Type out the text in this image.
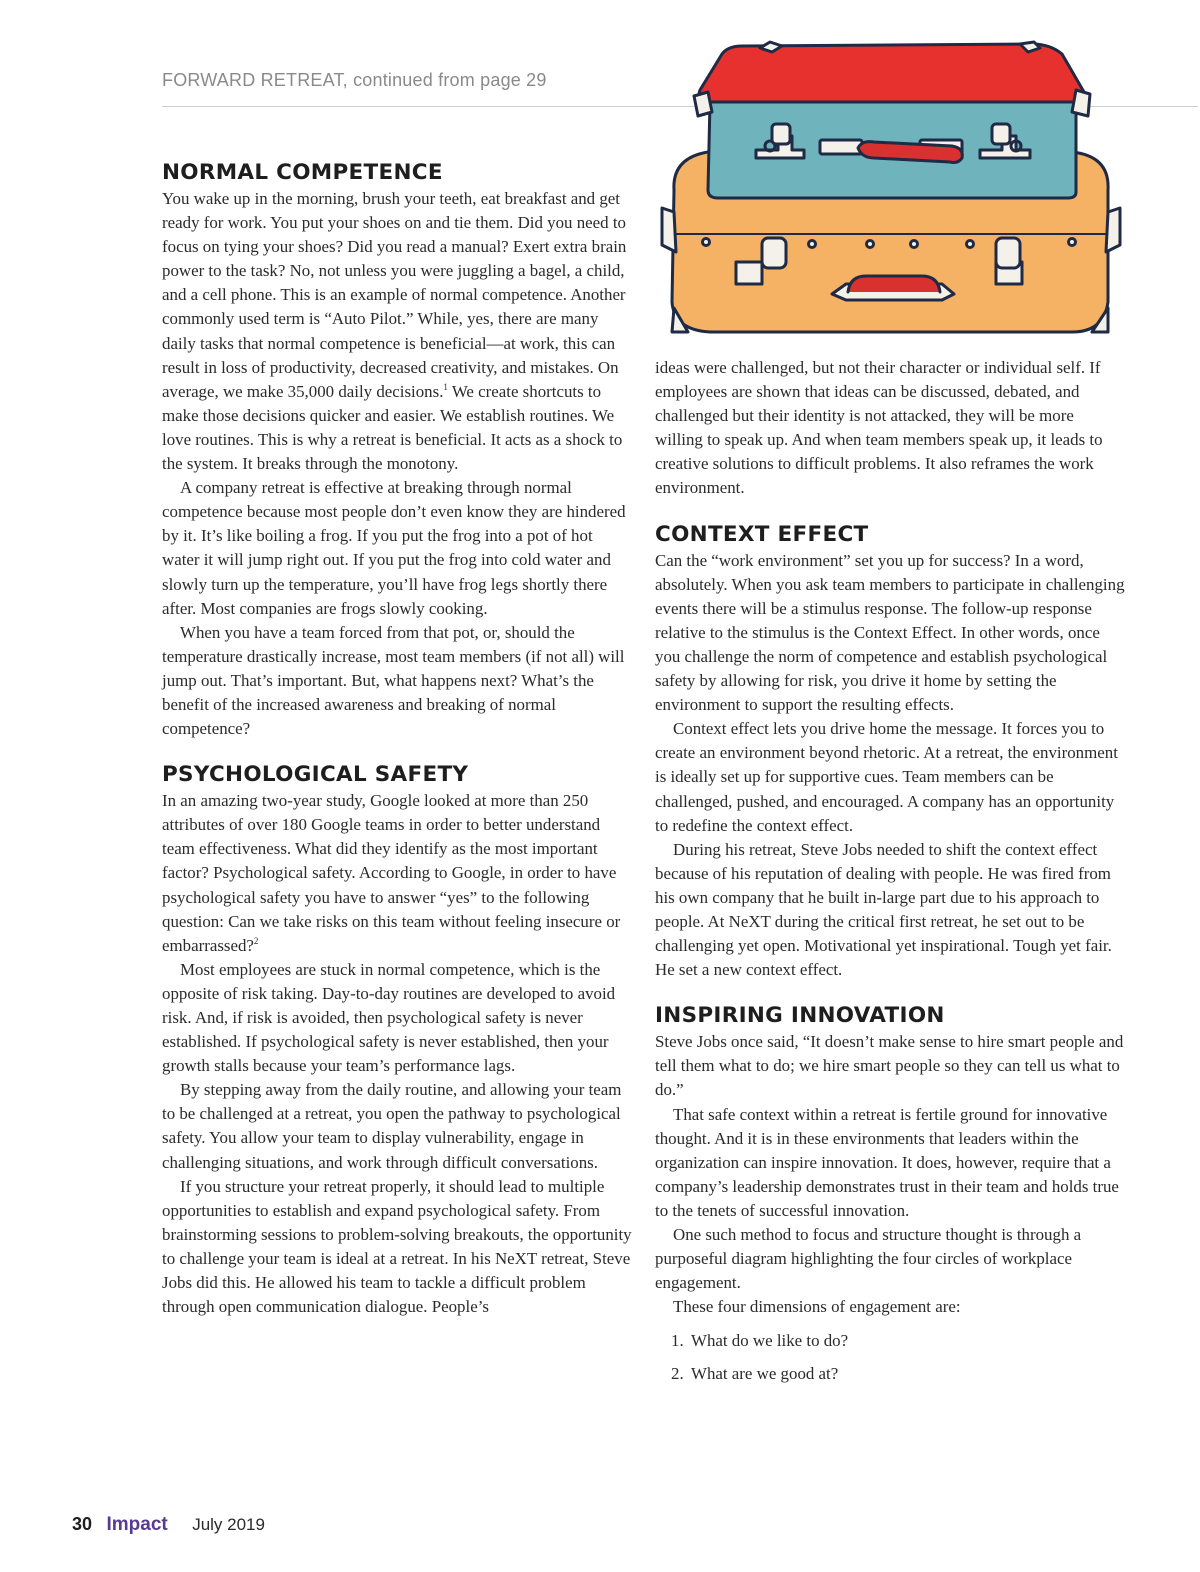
FORWARD RETREAT, continued from page 29
NORMAL COMPETENCE

You wake up in the morning, brush your teeth, eat breakfast and get ready for work. You put your shoes on and tie them. Did you need to focus on tying your shoes? Did you read a manual? Exert extra brain power to the task? No, not unless you were juggling a bagel, a child, and a cell phone. This is an example of normal competence. Another commonly used term is “Auto Pilot.” While, yes, there are many daily tasks that normal competence is beneficial—at work, this can result in loss of productivity, decreased creativity, and mistakes. On average, we make 35,000 daily decisions.$^1$ We create shortcuts to make those decisions quicker and easier. We establish routines. We love routines. This is why a retreat is beneficial. It acts as a shock to the system. It breaks through the monotony.

A company retreat is effective at breaking through normal competence because most people don’t even know they are hindered by it. It’s like boiling a frog. If you put the frog into a pot of hot water it will jump right out. If you put the frog into cold water and slowly turn up the temperature, you’ll have frog legs shortly there after. Most companies are frogs slowly cooking.

When you have a team forced from that pot, or, should the temperature drastically increase, most team members (if not all) will jump out. That’s important. But, what happens next? What’s the benefit of the increased awareness and breaking of normal competence?

PSYCHOLOGICAL SAFETY

In an amazing two-year study, Google looked at more than 250 attributes of over 180 Google teams in order to better understand team effectiveness. What did they identify as the most important factor? Psychological safety. According to Google, in order to have psychological safety you have to answer “yes” to the following question: Can we take risks on this team without feeling insecure or embarrassed?$^2$

Most employees are stuck in normal competence, which is the opposite of risk taking. Day-to-day routines are developed to avoid risk. And, if risk is avoided, then psychological safety is never established. If psychological safety is never established, then your growth stalls because your team’s performance lags.

By stepping away from the daily routine, and allowing your team to be challenged at a retreat, you open the pathway to psychological safety. You allow your team to display vulnerability, engage in challenging situations, and work through difficult conversations.

If you structure your retreat properly, it should lead to multiple opportunities to establish and expand psychological safety. From brainstorming sessions to problem-solving breakouts, the opportunity to challenge your team is ideal at a retreat. In his NeXT retreat, Steve Jobs did this. He allowed his team to tackle a difficult problem through open communication dialogue. People’s

ideas were challenged, but not their character or individual self. If employees are shown that ideas can be discussed, debated, and challenged but their identity is not attacked, they will be more willing to speak up. And when team members speak up, it leads to creative solutions to difficult problems. It also reframes the work environment.

CONTEXT EFFECT

Can the “work environment” set you up for success? In a word, absolutely. When you ask team members to participate in challenging events there will be a stimulus response. The follow-up response relative to the stimulus is the Context Effect. In other words, once you challenge the norm of competence and establish psychological safety by allowing for risk, you drive it home by setting the environment to support the resulting effects.

Context effect lets you drive home the message. It forces you to create an environment beyond rhetoric. At a retreat, the environment is ideally set up for supportive cues. Team members can be challenged, pushed, and encouraged. A company has an opportunity to redefine the context effect.

During his retreat, Steve Jobs needed to shift the context effect because of his reputation of dealing with people. He was fired from his own company that he built in-large part due to his approach to people. At NeXT during the critical first retreat, he set out to be challenging yet open. Motivational yet inspirational. Tough yet fair. He set a new context effect.

INSPIRING INNOVATION

Steve Jobs once said, “It doesn’t make sense to hire smart people and tell them what to do; we hire smart people so they can tell us what to do.”

That safe context within a retreat is fertile ground for innovative thought. And it is in these environments that leaders within the organization can inspire innovation. It does, however, require that a company’s leadership demonstrates trust in their team and holds true to the tenets of successful innovation.

One such method to focus and structure thought is through a purposeful diagram highlighting the four circles of workplace engagement.

These four dimensions of engagement are:

1. What do we like to do?
2. What are we good at?
30 Impact July 2019
